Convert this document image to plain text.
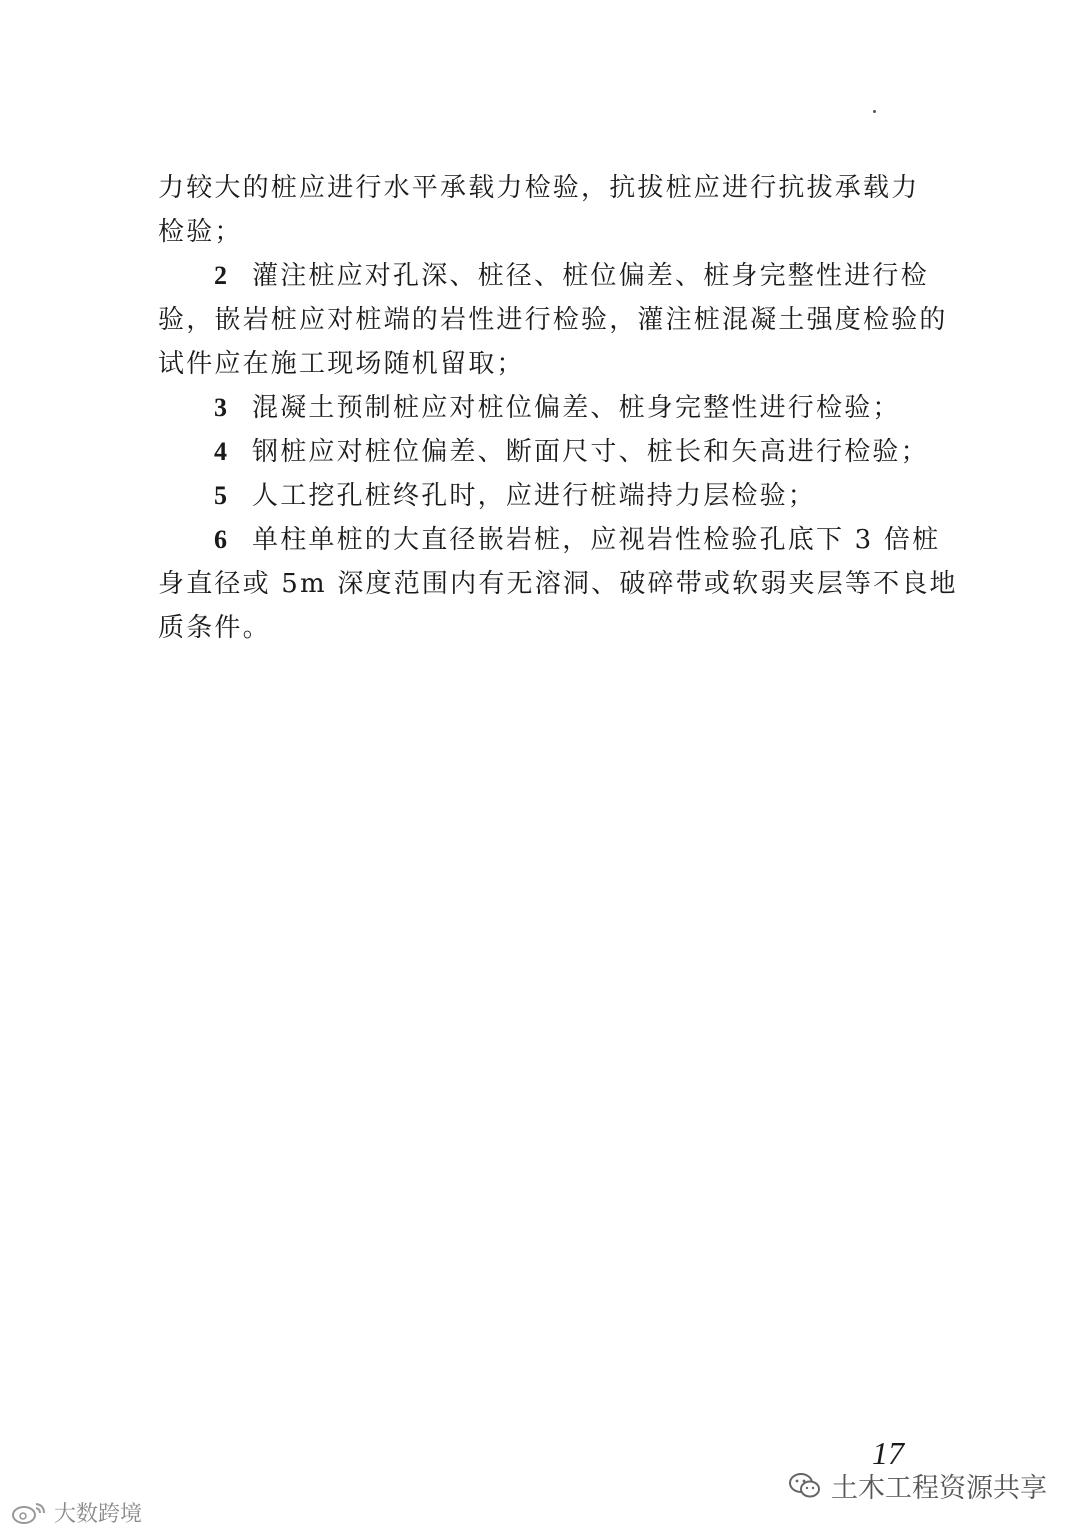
力较大的桩应进行水平承载力检验，抗拔桩应进行抗拔承载力
检验；
2 灌注桩应对孔深、桩径、桩位偏差、桩身完整性进行检
验，嵌岩桩应对桩端的岩性进行检验，灌注桩混凝土强度检验的
试件应在施工现场随机留取；
3 混凝土预制桩应对桩位偏差、桩身完整性进行检验；
4 钢桩应对桩位偏差、断面尺寸、桩长和矢高进行检验；
5 人工挖孔桩终孔时，应进行桩端持力层检验；
6 单柱单桩的大直径嵌岩桩，应视岩性检验孔底下 3 倍桩
身直径或 5m 深度范围内有无溶洞、破碎带或软弱夹层等不良地
质条件。
17
土木工程资源共享
大数跨境
